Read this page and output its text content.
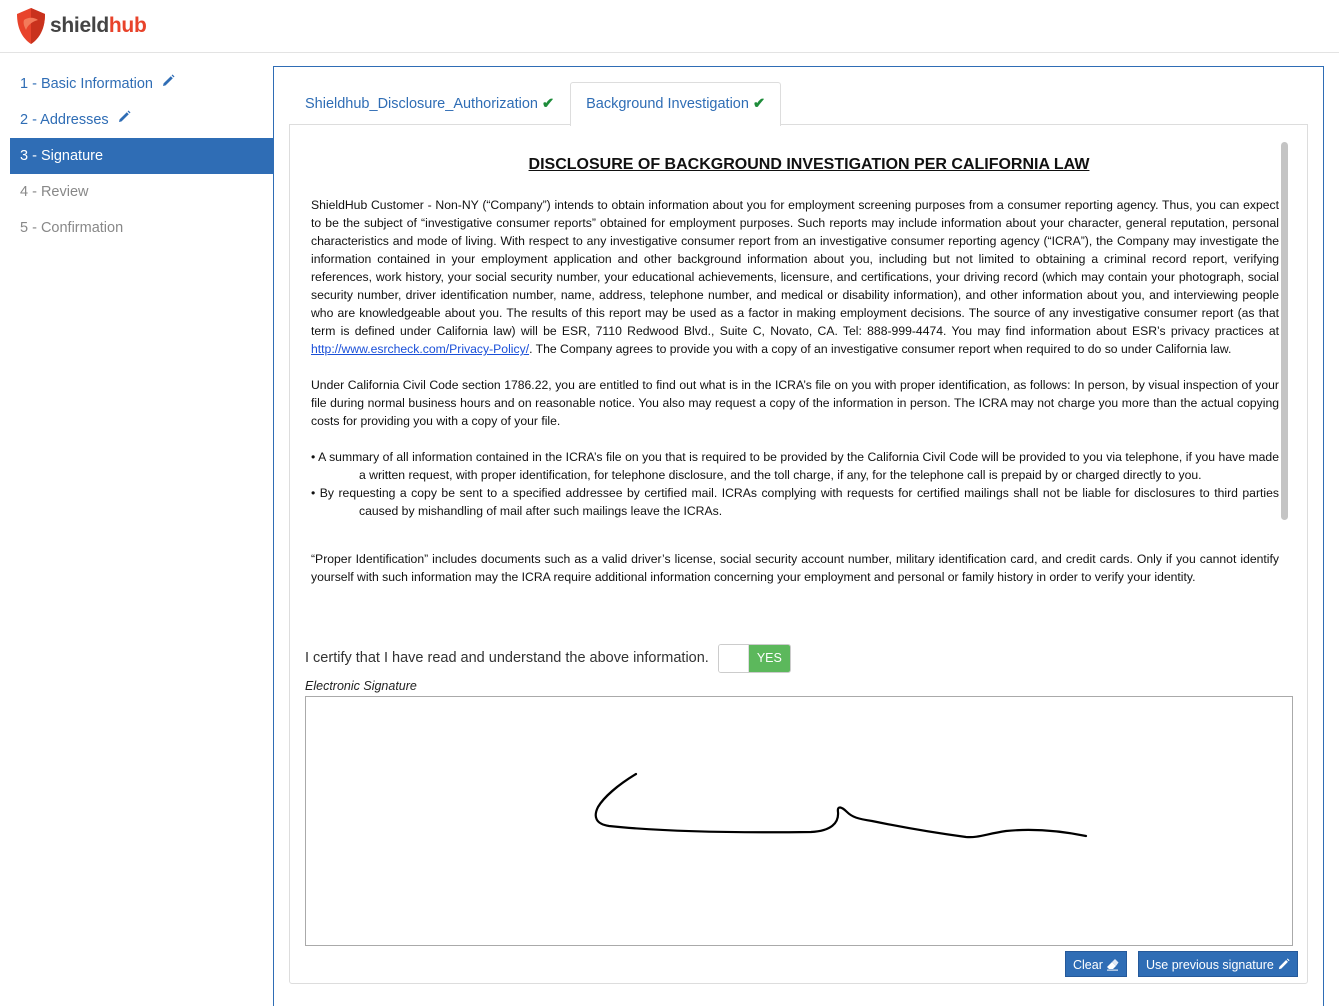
shieldhub
1 - Basic Information
2 - Addresses
3 - Signature
4 - Review
5 - Confirmation
Shieldhub_Disclosure_Authorization ✔	Background Investigation ✔
DISCLOSURE OF BACKGROUND INVESTIGATION PER CALIFORNIA LAW

ShieldHub Customer - Non-NY (“Company”) intends to obtain information about you for employment screening purposes from a consumer reporting agency. Thus, you can expect to be the subject of “investigative consumer reports” obtained for employment purposes. Such reports may include information about your character, general reputation, personal characteristics and mode of living. With respect to any investigative consumer report from an investigative consumer reporting agency (“ICRA”), the Company may investigate the information contained in your employment application and other background information about you, including but not limited to obtaining a criminal record report, verifying references, work history, your social security number, your educational achievements, licensure, and certifications, your driving record (which may contain your photograph, social security number, driver identification number, name, address, telephone number, and medical or disability information), and other information about you, and interviewing people who are knowledgeable about you. The results of this report may be used as a factor in making employment decisions. The source of any investigative consumer report (as that term is defined under California law) will be ESR, 7110 Redwood Blvd., Suite C, Novato, CA. Tel: 888-999-4474. You may find information about ESR’s privacy practices at http://www.esrcheck.com/Privacy-Policy/. The Company agrees to provide you with a copy of an investigative consumer report when required to do so under California law.

Under California Civil Code section 1786.22, you are entitled to find out what is in the ICRA’s file on you with proper identification, as follows: In person, by visual inspection of your file during normal business hours and on reasonable notice. You also may request a copy of the information in person. The ICRA may not charge you more than the actual copying costs for providing you with a copy of your file.

• A summary of all information contained in the ICRA’s file on you that is required to be provided by the California Civil Code will be provided to you via telephone, if you have made a written request, with proper identification, for telephone disclosure, and the toll charge, if any, for the telephone call is prepaid by or charged directly to you.

• By requesting a copy be sent to a specified addressee by certified mail. ICRAs complying with requests for certified mailings shall not be liable for disclosures to third parties caused by mishandling of mail after such mailings leave the ICRAs.

“Proper Identification” includes documents such as a valid driver’s license, social security account number, military identification card, and credit cards. Only if you cannot identify yourself with such information may the ICRA require additional information concerning your employment and personal or family history in order to verify your identity.

I certify that I have read and understand the above information.	YES
Electronic Signature
Clear	Use previous signature
